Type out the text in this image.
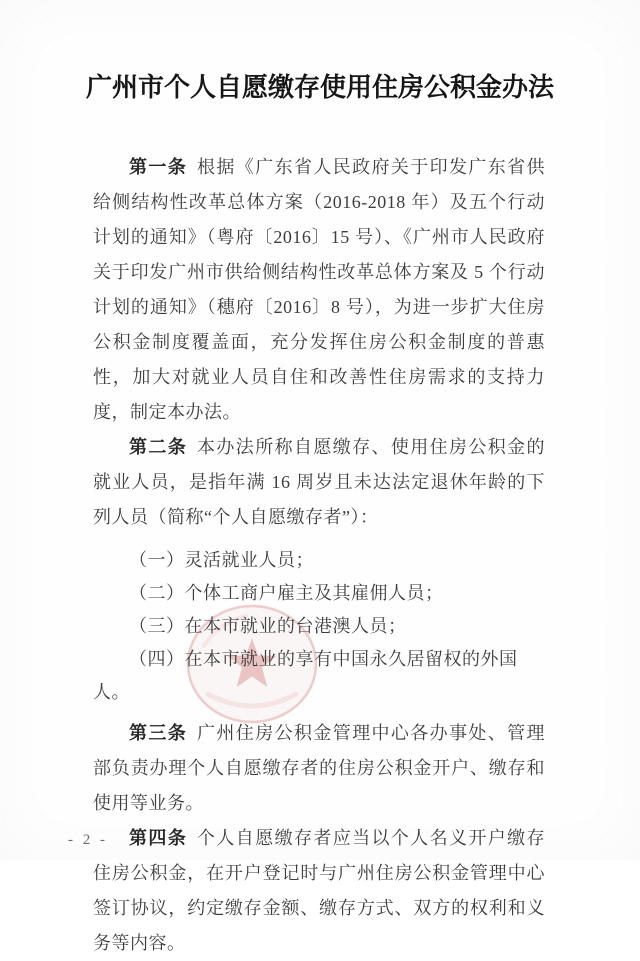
广州市个人自愿缴存使用住房公积金办法

第一条 根据《广东省人民政府关于印发广东省供给侧结构性改革总体方案（2016-2018 年）及五个行动计划的通知》（粤府〔2016〕15 号）、《广州市人民政府关于印发广州市供给侧结构性改革总体方案及 5 个行动计划的通知》（穗府〔2016〕8 号），为进一步扩大住房公积金制度覆盖面，充分发挥住房公积金制度的普惠性，加大对就业人员自住和改善性住房需求的支持力度，制定本办法。

第二条 本办法所称自愿缴存、使用住房公积金的就业人员，是指年满 16 周岁且未达法定退休年龄的下列人员（简称“个人自愿缴存者”）：

（一）灵活就业人员；

（二）个体工商户雇主及其雇佣人员；

（三）在本市就业的台港澳人员；

（四）在本市就业的享有中国永久居留权的外国人。

第三条 广州住房公积金管理中心各办事处、管理部负责办理个人自愿缴存者的住房公积金开户、缴存和使用等业务。

第四条 个人自愿缴存者应当以个人名义开户缴存住房公积金，在开户登记时与广州住房公积金管理中心签订协议，约定缴存金额、缴存方式、双方的权利和义务等内容。

- 2 -
